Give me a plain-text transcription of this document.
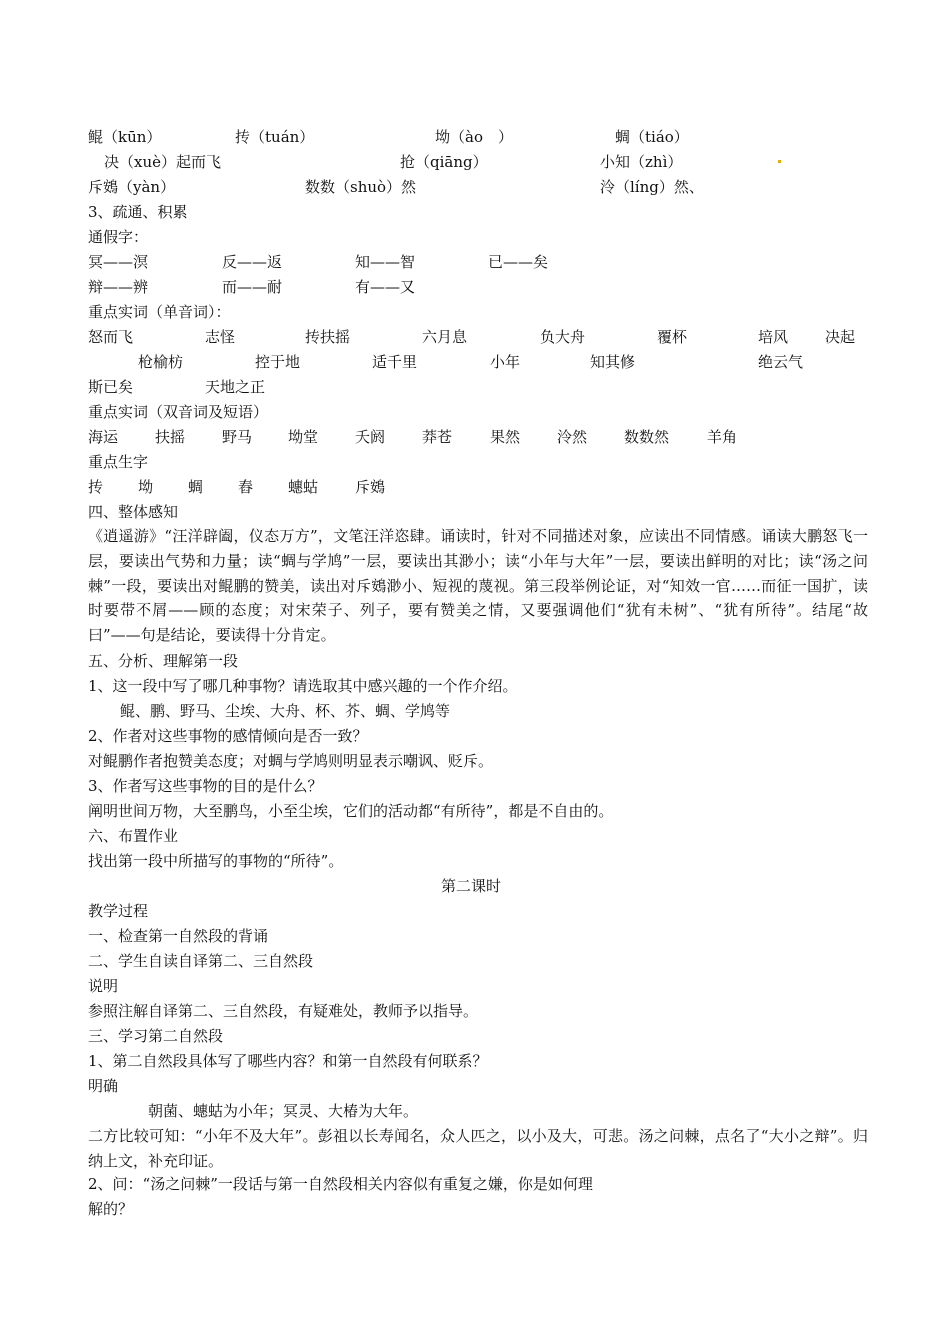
鲲（kūn）	抟（tuán）	坳（ào　）	蜩（tiáo）
决（xuè）起而飞	抢（qiāng）	小知（zhì）
斥鴳（yàn）	数数（shuò）然	泠（líng）然、
3、疏通、积累
通假字：
冥——溟	反——返	知——智	已——矣
辩——辨	而——耐	有——又
重点实词（单音词）：
怒而飞	志怪	抟扶摇	六月息	负大舟	覆杯	培风 决起
枪榆枋	控于地	适千里	小年	知其修	绝云气
斯已矣	天地之正
重点实词（双音词及短语）
海运 扶摇 野马 坳堂 夭阏 莽苍	果然 泠然 数数然	羊角
重点生字
抟 坳 蜩 舂 蟪蛄 斥鴳
四、整体感知
《逍遥游》“汪洋辟阖，仪态万方”，文笔汪洋恣肆。诵读时，针对不同描述对象，应读出不同情感。诵读大鹏怒飞一层，要读出气势和力量；读“蜩与学鸠”一层，要读出其渺小；读“小年与大年”一层，要读出鲜明的对比；读“汤之问棘”一段，要读出对鲲鹏的赞美，读出对斥鴳渺小、短视的蔑视。第三段举例论证，对“知效一官……而征一国扩，读时要带不屑——顾的态度；对宋荣子、列子，要有赞美之情，又要强调他们“犹有未树”、“犹有所待”。结尾“故曰”——句是结论，要读得十分肯定。
五、分析、理解第一段
1、这一段中写了哪几种事物？请选取其中感兴趣的一个作介绍。
鲲、鹏、野马、尘埃、大舟、杯、芥、蜩、学鸠等
2、作者对这些事物的感情倾向是否一致？
对鲲鹏作者抱赞美态度；对蜩与学鸠则明显表示嘲讽、贬斥。
3、作者写这些事物的目的是什么？
阐明世间万物，大至鹏鸟，小至尘埃，它们的活动都“有所待”，都是不自由的。
六、布置作业
找出第一段中所描写的事物的“所待”。
第二课时
教学过程
一、检查第一自然段的背诵
二、学生自读自译第二、三自然段
说明
参照注解自译第二、三自然段，有疑难处，教师予以指导。
三、学习第二自然段
1、第二自然段具体写了哪些内容？和第一自然段有何联系？
明确
朝菌、蟪蛄为小年；冥灵、大椿为大年。
二方比较可知：“小年不及大年”。彭祖以长寿闻名，众人匹之，以小及大，可悲。汤之问棘，点名了“大小之辩”。归纳上文，补充印证。
2、问：“汤之问棘”一段话与第一自然段相关内容似有重复之嫌，你是如何理
解的？
